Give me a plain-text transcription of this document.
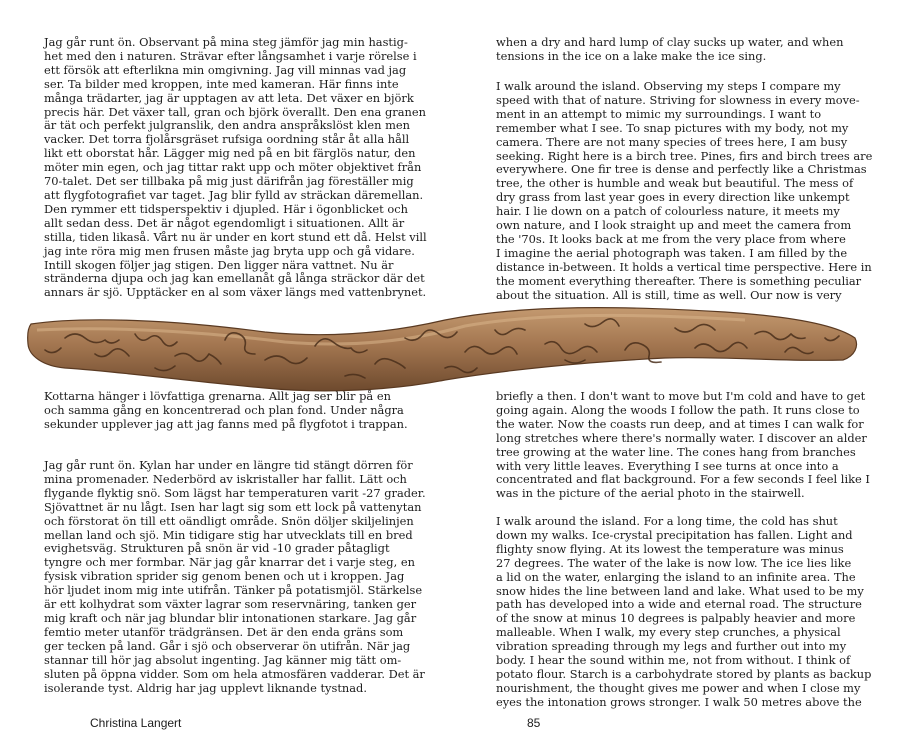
Jag går runt ön. Observant på mina steg jämför jag min hastig-
het med den i naturen. Strävar efter långsamhet i varje rörelse i
ett försök att efterlikna min omgivning. Jag vill minnas vad jag
ser. Ta bilder med kroppen, inte med kameran. Här finns inte
många trädarter, jag är upptagen av att leta. Det växer en björk
precis här. Det växer tall, gran och björk överallt. Den ena granen
är tät och perfekt julgranslik, den andra anspråkslöst klen men
vacker. Det torra fjolårsgräset rufsiga oordning står åt alla håll
likt ett oborstat hår. Lägger mig ned på en bit färglös natur, den
möter min egen, och jag tittar rakt upp och möter objektivet från
70-talet. Det ser tillbaka på mig just därifrån jag föreställer mig
att flygfotografiet var taget. Jag blir fylld av sträckan däremellan.
Den rymmer ett tidsperspektiv i djupled. Här i ögonblicket och
allt sedan dess. Det är något egendomligt i situationen. Allt är
stilla, tiden likaså. Vårt nu är under en kort stund ett då. Helst vill
jag inte röra mig men frusen måste jag bryta upp och gå vidare.
Intill skogen följer jag stigen. Den ligger nära vattnet. Nu är
stränderna djupa och jag kan emellanåt gå långa sträckor där det
annars är sjö. Upptäcker en al som växer längs med vattenbrynet.

when a dry and hard lump of clay sucks up water, and when
tensions in the ice on a lake make the ice sing.

I walk around the island. Observing my steps I compare my
speed with that of nature. Striving for slowness in every move-
ment in an attempt to mimic my surroundings. I want to
remember what I see. To snap pictures with my body, not my
camera. There are not many species of trees here, I am busy
seeking. Right here is a birch tree. Pines, firs and birch trees are
everywhere. One fir tree is dense and perfectly like a Christmas
tree, the other is humble and weak but beautiful. The mess of
dry grass from last year goes in every direction like unkempt
hair. I lie down on a patch of colourless nature, it meets my
own nature, and I look straight up and meet the camera from
the '70s. It looks back at me from the very place from where
I imagine the aerial photograph was taken. I am filled by the
distance in-between. It holds a vertical time perspective. Here in
the moment everything thereafter. There is something peculiar
about the situation. All is still, time as well. Our now is very

Kottarna hänger i lövfattiga grenarna. Allt jag ser blir på en
och samma gång en koncentrerad och plan fond. Under några
sekunder upplever jag att jag fanns med på flygfotot i trappan.

Jag går runt ön. Kylan har under en längre tid stängt dörren för
mina promenader. Nederbörd av iskristaller har fallit. Lätt och
flygande flyktig snö. Som lägst har temperaturen varit -27 grader.
Sjövattnet är nu lågt. Isen har lagt sig som ett lock på vattenytan
och förstorat ön till ett oändligt område. Snön döljer skiljelinjen
mellan land och sjö. Min tidigare stig har utvecklats till en bred
evighetsväg. Strukturen på snön är vid -10 grader påtagligt
tyngre och mer formbar. När jag går knarrar det i varje steg, en
fysisk vibration sprider sig genom benen och ut i kroppen. Jag
hör ljudet inom mig inte utifrån. Tänker på potatismjöl. Stärkelse
är ett kolhydrat som växter lagrar som reservnäring, tanken ger
mig kraft och när jag blundar blir intonationen starkare. Jag går
femtio meter utanför trädgränsen. Det är den enda gräns som
ger tecken på land. Går i sjö och observerar ön utifrån. När jag
stannar till hör jag absolut ingenting. Jag känner mig tätt om-
sluten på öppna vidder. Som om hela atmosfären vadderar. Det är
isolerande tyst. Aldrig har jag upplevt liknande tystnad.

briefly a then. I don't want to move but I'm cold and have to get
going again. Along the woods I follow the path. It runs close to
the water. Now the coasts run deep, and at times I can walk for
long stretches where there's normally water. I discover an alder
tree growing at the water line. The cones hang from branches
with very little leaves. Everything I see turns at once into a
concentrated and flat background. For a few seconds I feel like I
was in the picture of the aerial photo in the stairwell.

I walk around the island. For a long time, the cold has shut
down my walks. Ice-crystal precipitation has fallen. Light and
flighty snow flying. At its lowest the temperature was minus
27 degrees. The water of the lake is now low. The ice lies like
a lid on the water, enlarging the island to an infinite area. The
snow hides the line between land and lake. What used to be my
path has developed into a wide and eternal road. The structure
of the snow at minus 10 degrees is palpably heavier and more
malleable. When I walk, my every step crunches, a physical
vibration spreading through my legs and further out into my
body. I hear the sound within me, not from without. I think of
potato flour. Starch is a carbohydrate stored by plants as backup
nourishment, the thought gives me power and when I close my
eyes the intonation grows stronger. I walk 50 metres above the

Christina Langert	85
